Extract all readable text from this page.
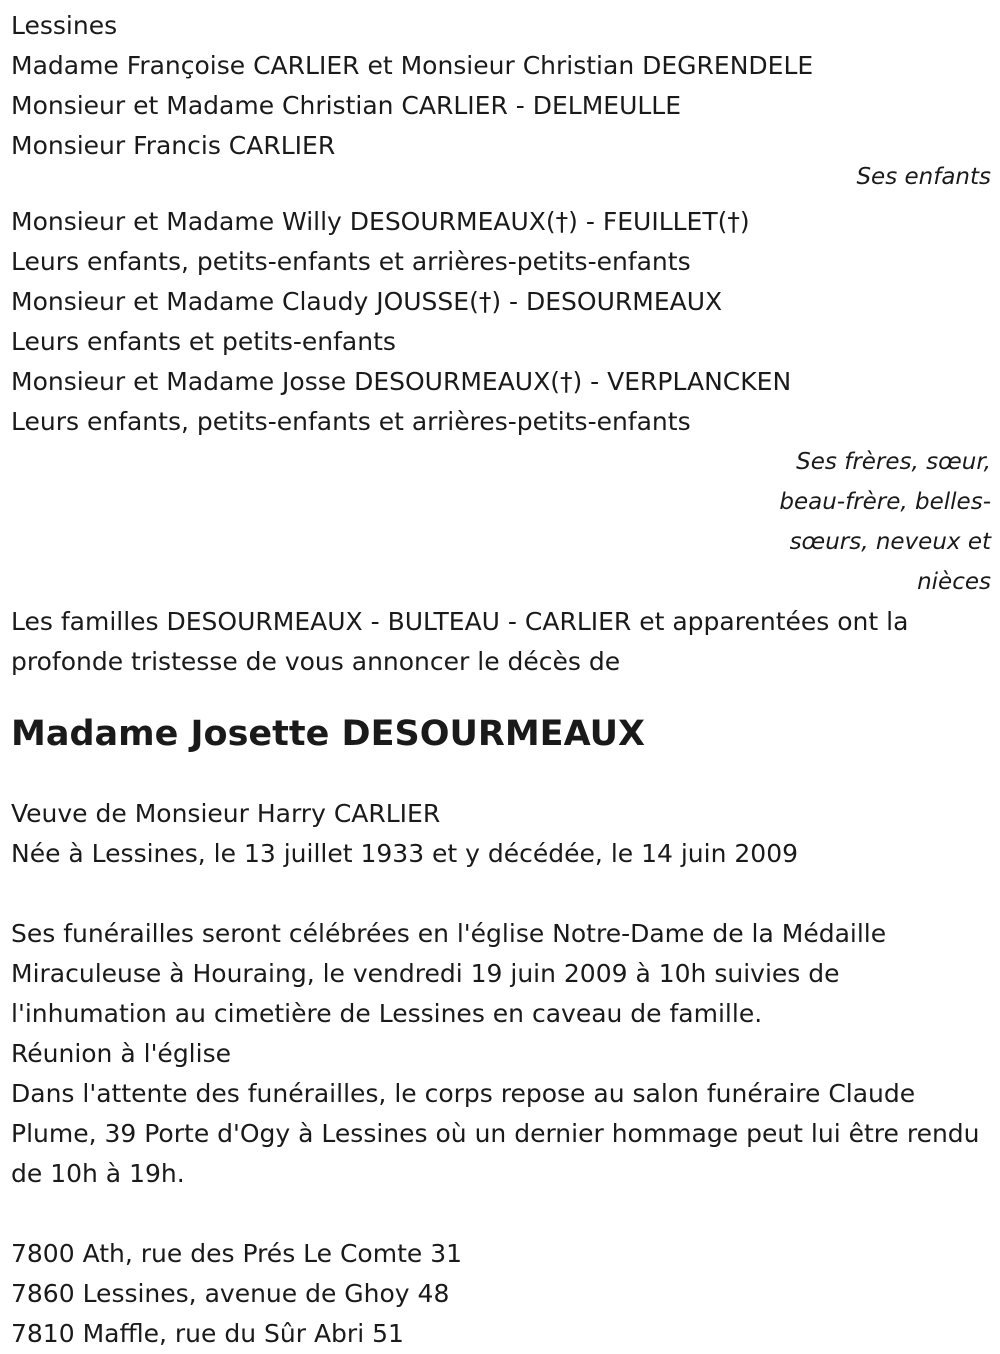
Lessines
Madame Françoise CARLIER et Monsieur Christian DEGRENDELE
Monsieur et Madame Christian CARLIER - DELMEULLE
Monsieur Francis CARLIER
Ses enfants
Monsieur et Madame Willy DESOURMEAUX(†) - FEUILLET(†)
Leurs enfants, petits-enfants et arrières-petits-enfants
Monsieur et Madame Claudy JOUSSE(†) - DESOURMEAUX
Leurs enfants et petits-enfants
Monsieur et Madame Josse DESOURMEAUX(†) - VERPLANCKEN
Leurs enfants, petits-enfants et arrières-petits-enfants
Ses frères, sœur, beau-frère, belles-sœurs, neveux et nièces
Les familles DESOURMEAUX - BULTEAU - CARLIER et apparentées ont la profonde tristesse de vous annoncer le décès de
Madame Josette DESOURMEAUX
Veuve de Monsieur Harry CARLIER
Née à Lessines, le 13 juillet 1933 et y décédée, le 14 juin 2009
Ses funérailles seront célébrées en l'église Notre-Dame de la Médaille Miraculeuse à Houraing, le vendredi 19 juin 2009 à 10h suivies de l'inhumation au cimetière de Lessines en caveau de famille.
Réunion à l'église
Dans l'attente des funérailles, le corps repose au salon funéraire Claude Plume, 39 Porte d'Ogy à Lessines où un dernier hommage peut lui être rendu de 10h à 19h.
7800 Ath, rue des Prés Le Comte 31
7860 Lessines, avenue de Ghoy 48
7810 Maffle, rue du Sûr Abri 51
